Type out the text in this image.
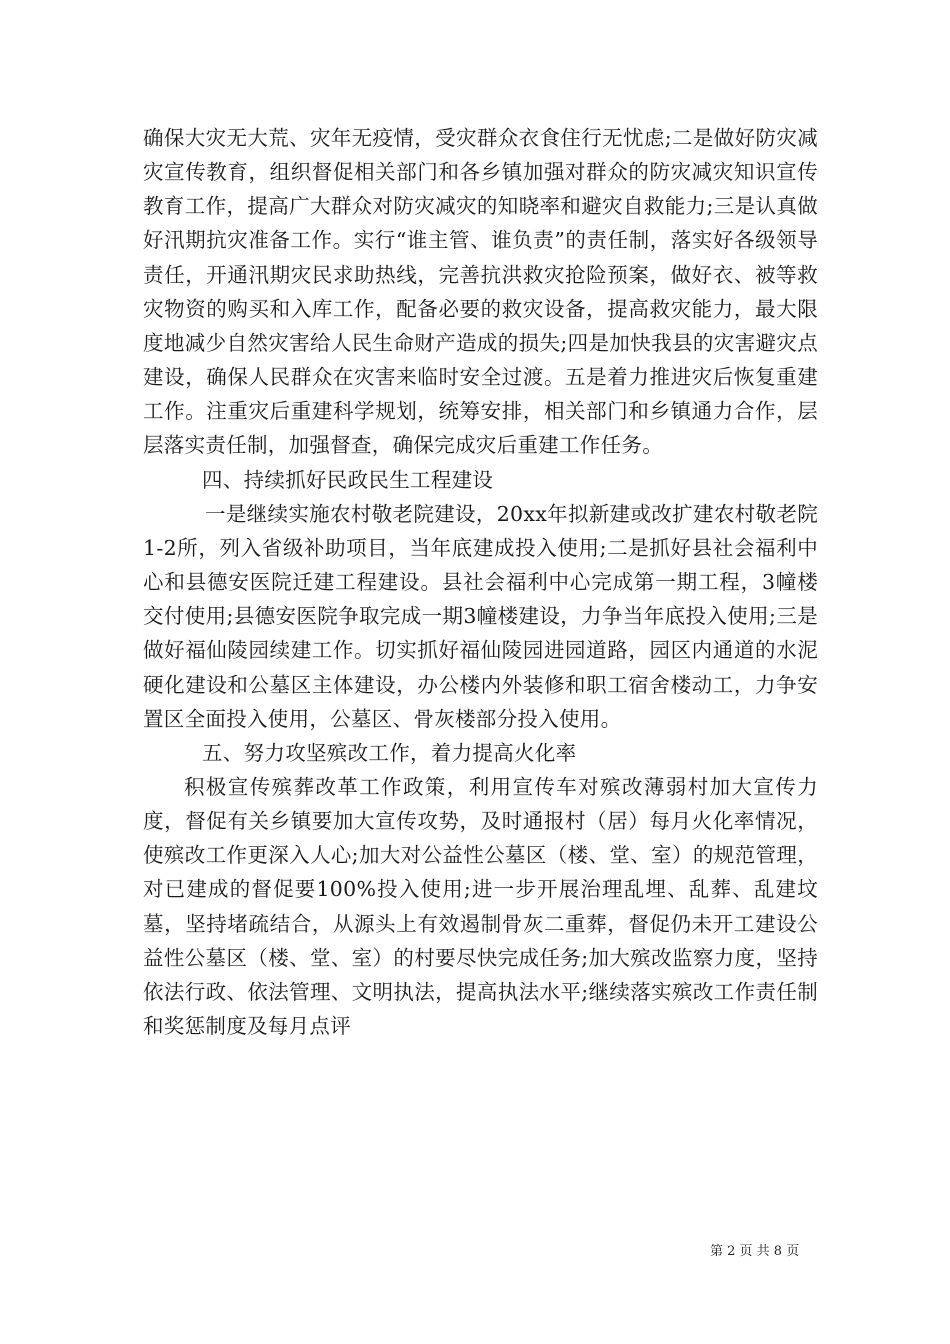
确保大灾无大荒、灾年无疫情，受灾群众衣食住行无忧虑;二是做好防灾减灾宣传教育，组织督促相关部门和各乡镇加强对群众的防灾减灾知识宣传教育工作，提高广大群众对防灾减灾的知晓率和避灾自救能力;三是认真做好汛期抗灾准备工作。实行“谁主管、谁负责”的责任制，落实好各级领导责任，开通汛期灾民求助热线，完善抗洪救灾抢险预案，做好衣、被等救灾物资的购买和入库工作，配备必要的救灾设备，提高救灾能力，最大限度地减少自然灾害给人民生命财产造成的损失;四是加快我县的灾害避灾点建设，确保人民群众在灾害来临时安全过渡。五是着力推进灾后恢复重建工作。注重灾后重建科学规划，统筹安排，相关部门和乡镇通力合作，层层落实责任制，加强督查，确保完成灾后重建工作任务。

四、持续抓好民政民生工程建设

一是继续实施农村敬老院建设，20xx年拟新建或改扩建农村敬老院1-2所，列入省级补助项目，当年底建成投入使用;二是抓好县社会福利中心和县德安医院迁建工程建设。县社会福利中心完成第一期工程，3幢楼交付使用;县德安医院争取完成一期3幢楼建设，力争当年底投入使用;三是做好福仙陵园续建工作。切实抓好福仙陵园进园道路，园区内通道的水泥硬化建设和公墓区主体建设，办公楼内外装修和职工宿舍楼动工，力争安置区全面投入使用，公墓区、骨灰楼部分投入使用。

五、努力攻坚殡改工作，着力提高火化率

积极宣传殡葬改革工作政策，利用宣传车对殡改薄弱村加大宣传力度，督促有关乡镇要加大宣传攻势，及时通报村（居）每月火化率情况，使殡改工作更深入人心;加大对公益性公墓区（楼、堂、室）的规范管理，对已建成的督促要100%投入使用;进一步开展治理乱埋、乱葬、乱建坟墓，坚持堵疏结合，从源头上有效遏制骨灰二重葬，督促仍未开工建设公益性公墓区（楼、堂、室）的村要尽快完成任务;加大殡改监察力度，坚持依法行政、依法管理、文明执法，提高执法水平;继续落实殡改工作责任制和奖惩制度及每月点评

第 2 页 共 8 页
